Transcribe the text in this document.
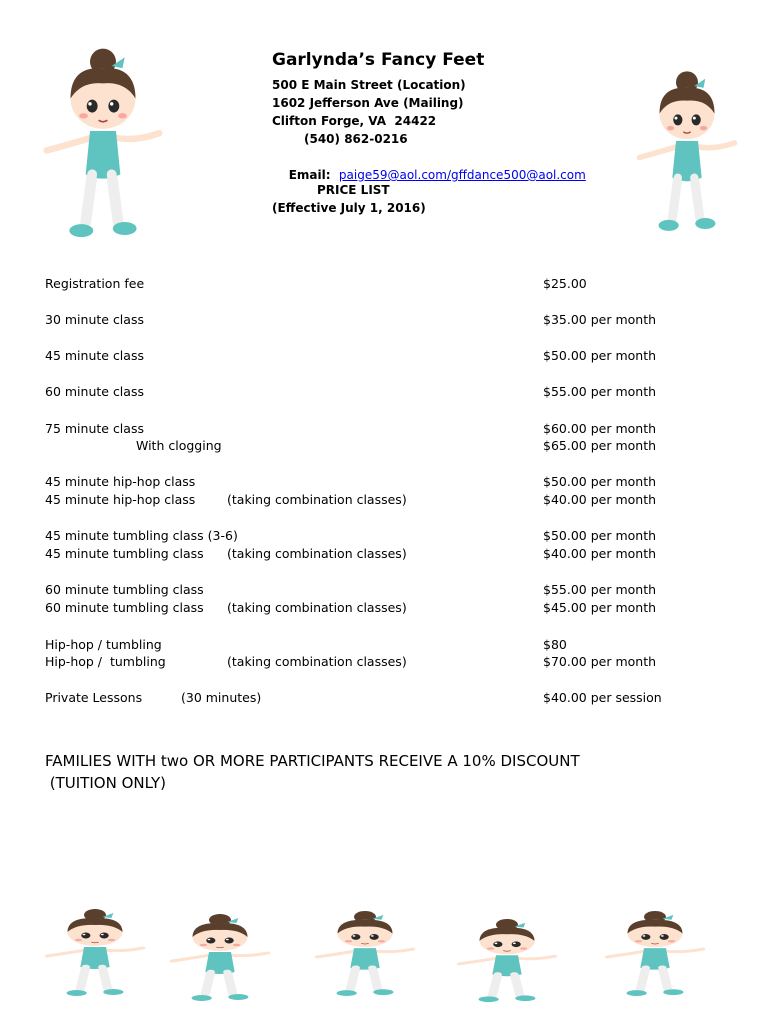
Garlynda’s Fancy Feet
500 E Main Street (Location)
1602 Jefferson Ave (Mailing)
Clifton Forge, VA  24422
(540) 862-0216

Email: paige59@aol.com/gffdance500@aol.com

PRICE LIST
(Effective July 1, 2016)
Registration fee	$25.00
30 minute class	$35.00 per month
45 minute class	$50.00 per month
60 minute class	$55.00 per month
75 minute class	$60.00 per month
With clogging	$65.00 per month
45 minute hip-hop class	$50.00 per month
45 minute hip-hop class	(taking combination classes)	$40.00 per month
45 minute tumbling class (3-6)	$50.00 per month
45 minute tumbling class (taking combination classes)	$40.00 per month
60 minute tumbling class	$55.00 per month
60 minute tumbling class (taking combination classes)	$45.00 per month
Hip-hop / tumbling	$80
Hip-hop /  tumbling	(taking combination classes)	$70.00 per month
Private Lessons	(30 minutes)	$40.00 per session
FAMILIES WITH two OR MORE PARTICIPANTS RECEIVE A 10% DISCOUNT
(TUITION ONLY)
